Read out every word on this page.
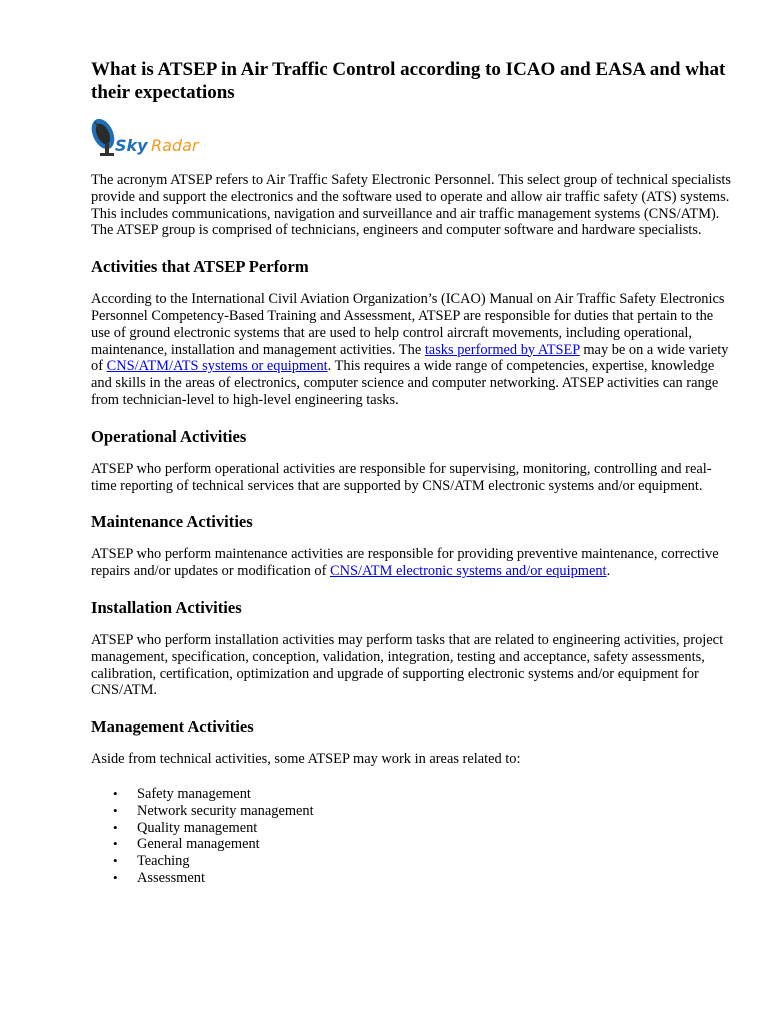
What is ATSEP in Air Traffic Control according to ICAO and EASA and what their expectations
Sky Radar

The acronym ATSEP refers to Air Traffic Safety Electronic Personnel. This select group of technical specialists provide and support the electronics and the software used to operate and allow air traffic safety (ATS) systems. This includes communications, navigation and surveillance and air traffic management systems (CNS/ATM). The ATSEP group is comprised of technicians, engineers and computer software and hardware specialists.

Activities that ATSEP Perform

According to the International Civil Aviation Organization’s (ICAO) Manual on Air Traffic Safety Electronics Personnel Competency-Based Training and Assessment, ATSEP are responsible for duties that pertain to the use of ground electronic systems that are used to help control aircraft movements, including operational, maintenance, installation and management activities. The tasks performed by ATSEP may be on a wide variety of CNS/ATM/ATS systems or equipment. This requires a wide range of competencies, expertise, knowledge and skills in the areas of electronics, computer science and computer networking. ATSEP activities can range from technician-level to high-level engineering tasks.

Operational Activities

ATSEP who perform operational activities are responsible for supervising, monitoring, controlling and real-time reporting of technical services that are supported by CNS/ATM electronic systems and/or equipment.

Maintenance Activities

ATSEP who perform maintenance activities are responsible for providing preventive maintenance, corrective repairs and/or updates or modification of CNS/ATM electronic systems and/or equipment.

Installation Activities

ATSEP who perform installation activities may perform tasks that are related to engineering activities, project management, specification, conception, validation, integration, testing and acceptance, safety assessments, calibration, certification, optimization and upgrade of supporting electronic systems and/or equipment for CNS/ATM.

Management Activities

Aside from technical activities, some ATSEP may work in areas related to:

• Safety management
• Network security management
• Quality management
• General management
• Teaching
• Assessment
